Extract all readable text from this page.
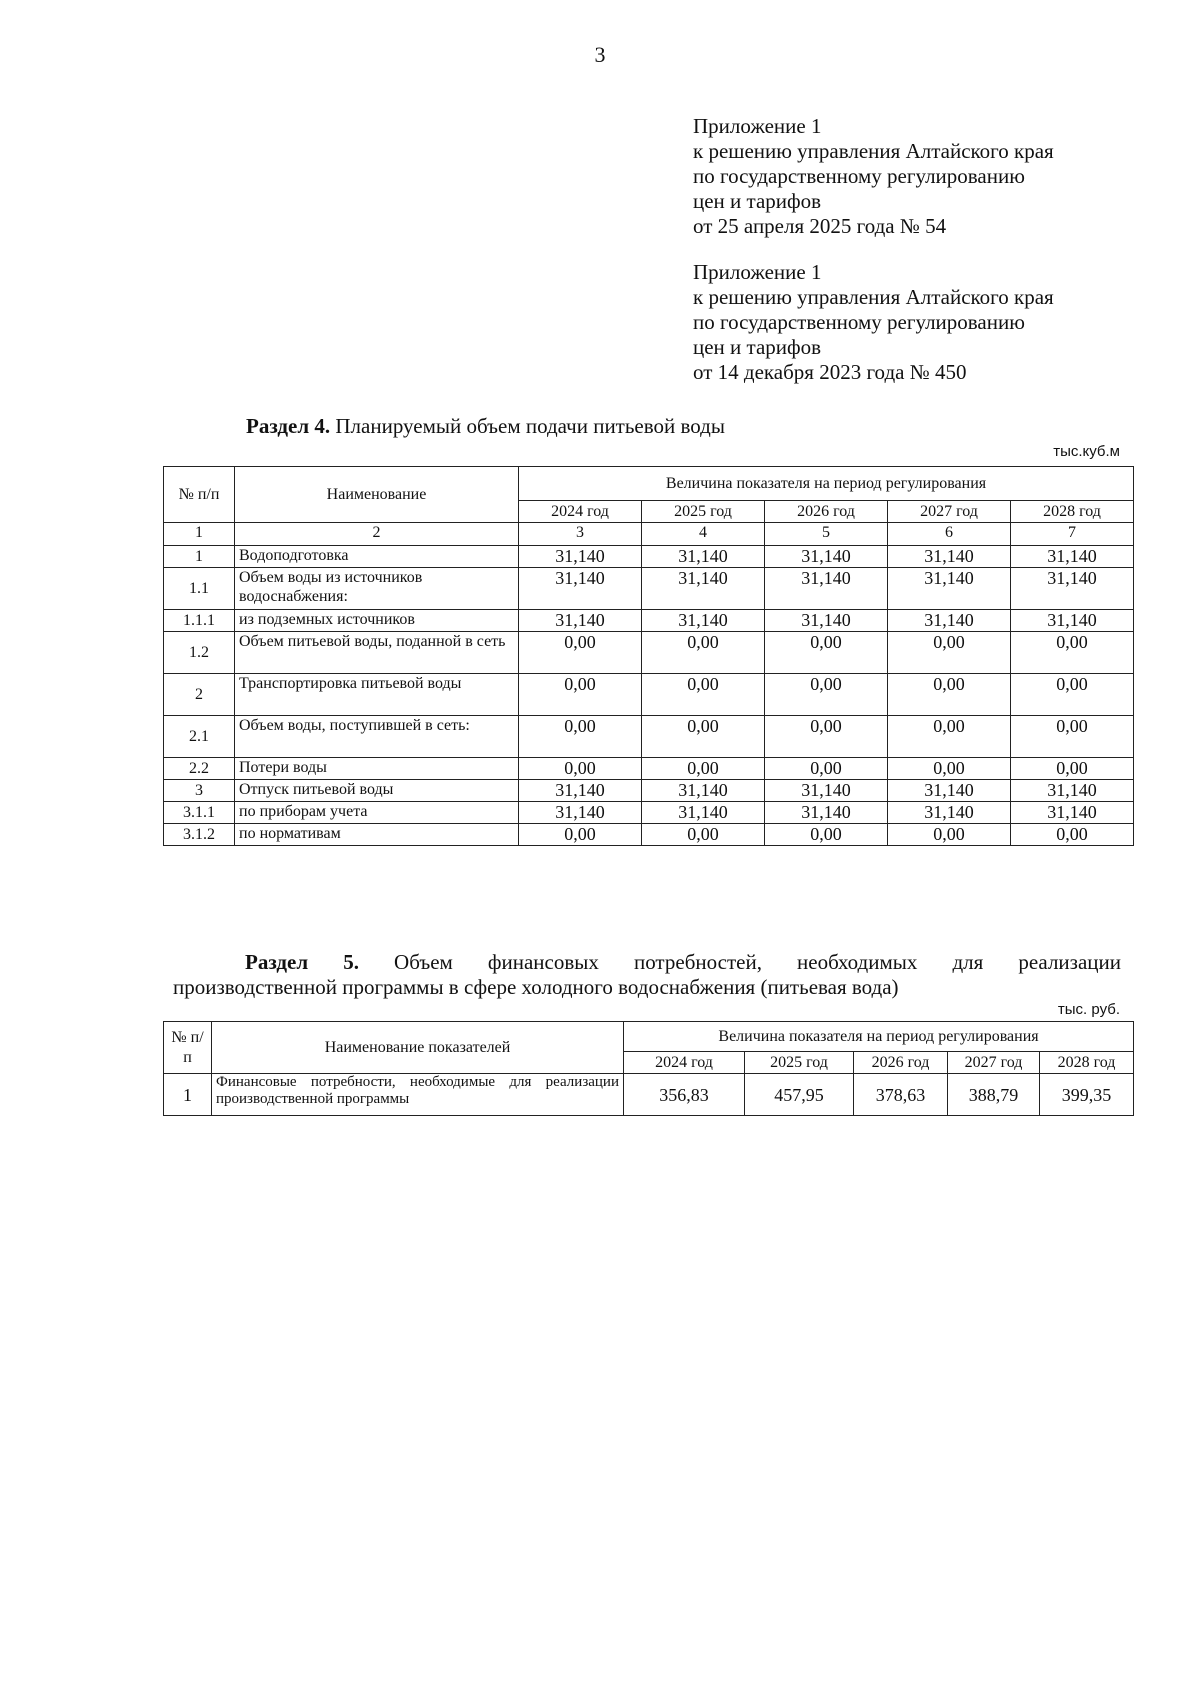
3
Приложение 1
к решению управления Алтайского края
по государственному регулированию
цен и тарифов
от 25 апреля 2025 года № 54
Приложение 1
к решению управления Алтайского края
по государственному регулированию
цен и тарифов
от 14 декабря 2023 года № 450
Раздел 4. Планируемый объем подачи питьевой воды
тыс.куб.м
№ п/п	Наименование	Величина показателя на период регулирования				
		2024 год	2025 год	2026 год	2027 год	2028 год
1	2	3	4	5	6	7
1	Водоподготовка	31,140	31,140	31,140	31,140	31,140
1.1	Объем воды из источников водоснабжения:	31,140	31,140	31,140	31,140	31,140
1.1.1	из подземных источников	31,140	31,140	31,140	31,140	31,140
1.2	Объем питьевой воды, поданной в сеть	0,00	0,00	0,00	0,00	0,00
2	Транспортировка питьевой воды	0,00	0,00	0,00	0,00	0,00
2.1	Объем воды, поступившей в сеть:	0,00	0,00	0,00	0,00	0,00
2.2	Потери воды	0,00	0,00	0,00	0,00	0,00
3	Отпуск питьевой воды	31,140	31,140	31,140	31,140	31,140
3.1.1	по приборам учета	31,140	31,140	31,140	31,140	31,140
3.1.2	по нормативам	0,00	0,00	0,00	0,00	0,00
Раздел 5. Объем финансовых потребностей, необходимых для реализации
производственной программы в сфере холодного водоснабжения (питьевая вода)
тыс. руб.
№ п/п	Наименование показателей	Величина показателя на период регулирования				
		2024 год	2025 год	2026 год	2027 год	2028 год
1	Финансовые потребности, необходимые для реализации производственной программы	356,83	457,95	378,63	388,79	399,35
